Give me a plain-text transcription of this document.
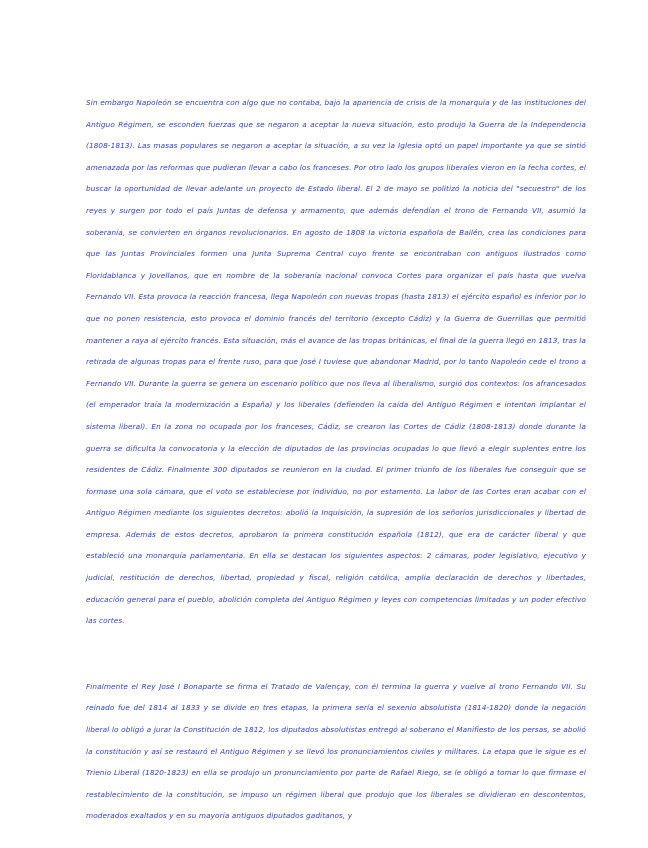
Sin embargo Napoleón se encuentra con algo que no contaba, bajo la apariencia de crisis de la monarquía y de las instituciones del Antiguo Régimen, se esconden fuerzas que se negaron a aceptar la nueva situación, esto produjo la Guerra de la Independencia (1808-1813). Las masas populares se negaron a aceptar la situación, a su vez la Iglesia optó un papel importante ya que se sintió amenazada por las reformas que pudieran llevar a cabo los franceses. Por otro lado los grupos liberales vieron en la fecha cortes, el buscar la oportunidad de llevar adelante un proyecto de Estado liberal. El 2 de mayo se politizó la noticia del "secuestro" de los reyes y surgen por todo el país Juntas de defensa y armamento, que además defendían el trono de Fernando VII, asumió la soberanía, se convierten en órganos revolucionarios. En agosto de 1808 la victoria española de Bailén, crea las condiciones para que las Juntas Provinciales formen una Junta Suprema Central cuyo frente se encontraban con antiguos ilustrados como Floridablanca y Jovellanos, que en nombre de la soberanía nacional convoca Cortes para organizar el país hasta que vuelva Fernando VII. Esta provoca la reacción francesa, llega Napoleón con nuevas tropas (hasta 1813) el ejército español es inferior por lo que no ponen resistencia, esto provoca el dominio francés del territorio (excepto Cádiz) y la Guerra de Guerrillas que permitió mantener a raya al ejército francés. Esta situación, más el avance de las tropas británicas, el final de la guerra llegó en 1813, tras la retirada de algunas tropas para el frente ruso, para que José I tuviese que abandonar Madrid, por lo tanto Napoleón cede el trono a Fernando VII. Durante la guerra se genera un escenario político que nos lleva al liberalismo, surgió dos contextos: los afrancesados (el emperador traía la modernización a España) y los liberales (defienden la caída del Antiguo Régimen e intentan implantar el sistema liberal). En la zona no ocupada por los franceses, Cádiz, se crearon las Cortes de Cádiz (1808-1813) donde durante la guerra se dificulta la convocatoria y la elección de diputados de las provincias ocupadas lo que llevó a elegir suplentes entre los residentes de Cádiz. Finalmente 300 diputados se reunieron en la ciudad. El primer triunfo de los liberales fue conseguir que se formase una sola cámara, que el voto se estableciese por individuo, no por estamento. La labor de las Cortes eran acabar con el Antiguo Régimen mediante los siguientes decretos: abolió la Inquisición, la supresión de los señoríos jurisdiccionales y libertad de empresa. Además de estos decretos, aprobaron la primera constitución española (1812), que era de carácter liberal y que estableció una monarquía parlamentaria. En ella se destacan los siguientes aspectos: 2 cámaras, poder legislativo, ejecutivo y judicial, restitución de derechos, libertad, propiedad y fiscal, religión católica, amplia declaración de derechos y libertades, educación general para el pueblo, abolición completa del Antiguo Régimen y leyes con competencias limitadas y un poder efectivo las cortes.

Finalmente el Rey José I Bonaparte se firma el Tratado de Valençay, con él termina la guerra y vuelve al trono Fernando VII. Su reinado fue del 1814 al 1833 y se divide en tres etapas, la primera sería el sexenio absolutista (1814-1820) donde la negación liberal lo obligó a jurar la Constitución de 1812, los diputados absolutistas entregó al soberano el Manifiesto de los persas, se abolió la constitución y así se restauró el Antiguo Régimen y se llevó los pronunciamientos civiles y militares. La etapa que le sigue es el Trienio Liberal (1820-1823) en ella se produjo un pronunciamiento por parte de Rafael Riego, se le obligó a tomar lo que firmase el restablecimiento de la constitución, se impuso un régimen liberal que produjo que los liberales se dividieran en descontentos, moderados exaltados y en su mayoría antiguos diputados gaditanos, y
